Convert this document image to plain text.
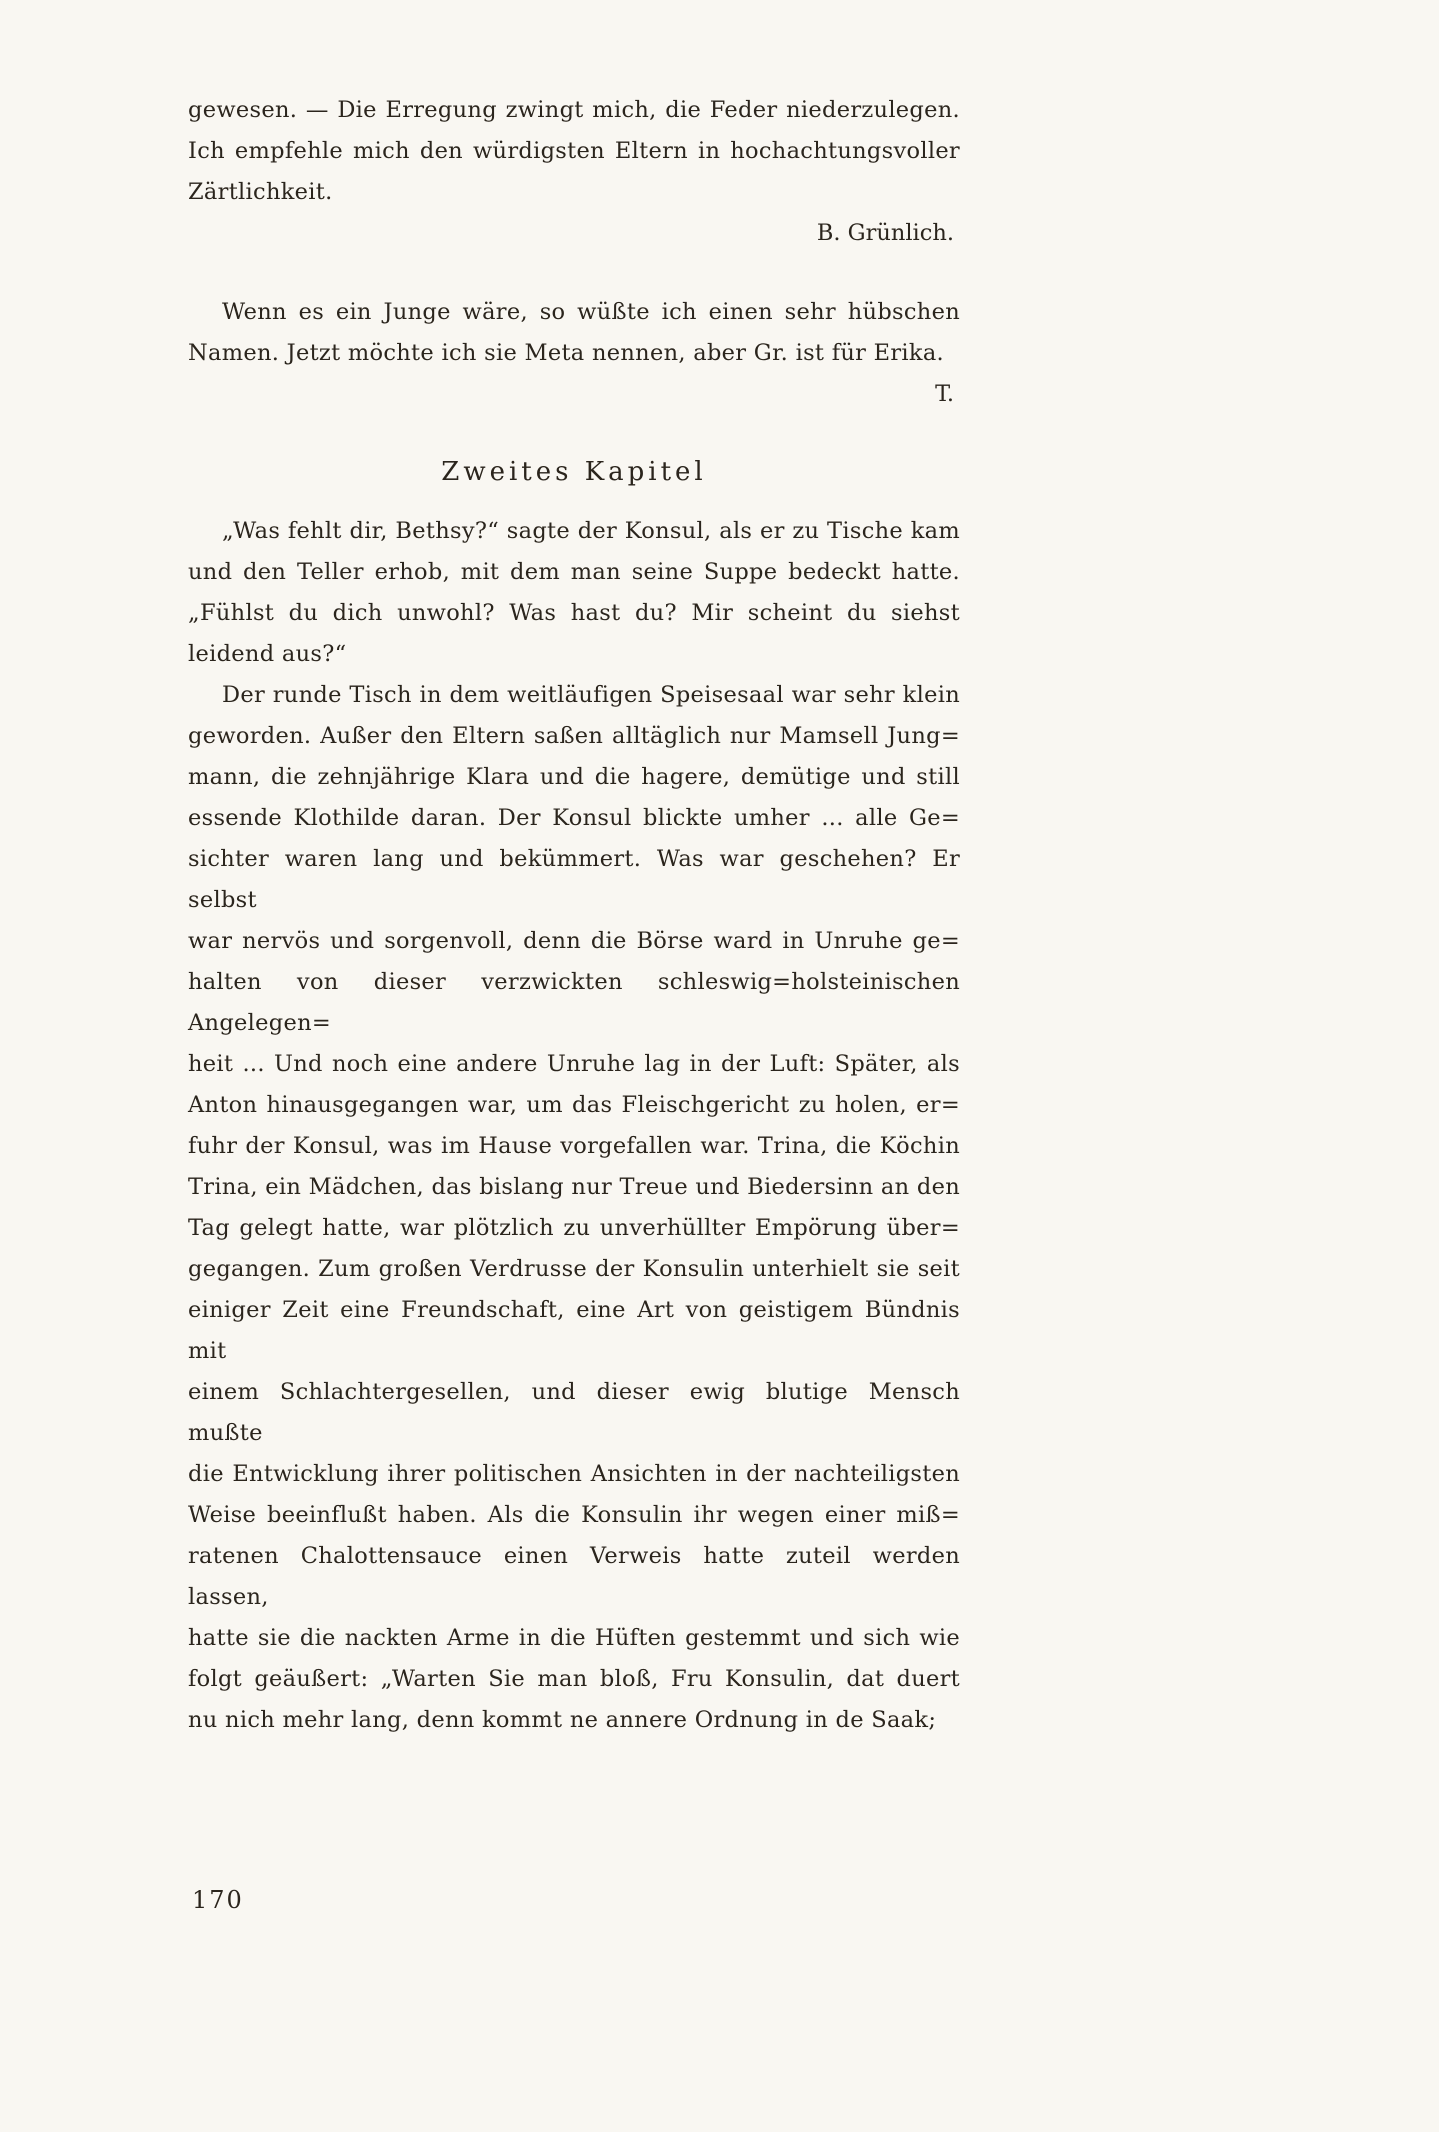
gewesen. — Die Erregung zwingt mich, die Feder niederzulegen.
Ich empfehle mich den würdigsten Eltern in hochachtungsvoller
Zärtlichkeit.
B. Grünlich.
Wenn es ein Junge wäre, so wüßte ich einen sehr hübschen
Namen. Jetzt möchte ich sie Meta nennen, aber Gr. ist für Erika.
T.
Zweites Kapitel
„Was fehlt dir, Bethsy?“ sagte der Konsul, als er zu Tische kam
und den Teller erhob, mit dem man seine Suppe bedeckt hatte.
„Fühlst du dich unwohl? Was hast du? Mir scheint du siehst
leidend aus?“
Der runde Tisch in dem weitläufigen Speisesaal war sehr klein
geworden. Außer den Eltern saßen alltäglich nur Mamsell Jung=
mann, die zehnjährige Klara und die hagere, demütige und still
essende Klothilde daran. Der Konsul blickte umher ... alle Ge=
sichter waren lang und bekümmert. Was war geschehen? Er selbst
war nervös und sorgenvoll, denn die Börse ward in Unruhe ge=
halten von dieser verzwickten schleswig=holsteinischen Angelegen=
heit ... Und noch eine andere Unruhe lag in der Luft: Später, als
Anton hinausgegangen war, um das Fleischgericht zu holen, er=
fuhr der Konsul, was im Hause vorgefallen war. Trina, die Köchin
Trina, ein Mädchen, das bislang nur Treue und Biedersinn an den
Tag gelegt hatte, war plötzlich zu unverhüllter Empörung über=
gegangen. Zum großen Verdrusse der Konsulin unterhielt sie seit
einiger Zeit eine Freundschaft, eine Art von geistigem Bündnis mit
einem Schlachtergesellen, und dieser ewig blutige Mensch mußte
die Entwicklung ihrer politischen Ansichten in der nachteiligsten
Weise beeinflußt haben. Als die Konsulin ihr wegen einer miß=
ratenen Chalottensauce einen Verweis hatte zuteil werden lassen,
hatte sie die nackten Arme in die Hüften gestemmt und sich wie
folgt geäußert: „Warten Sie man bloß, Fru Konsulin, dat duert
nu nich mehr lang, denn kommt ne annere Ordnung in de Saak;
170
